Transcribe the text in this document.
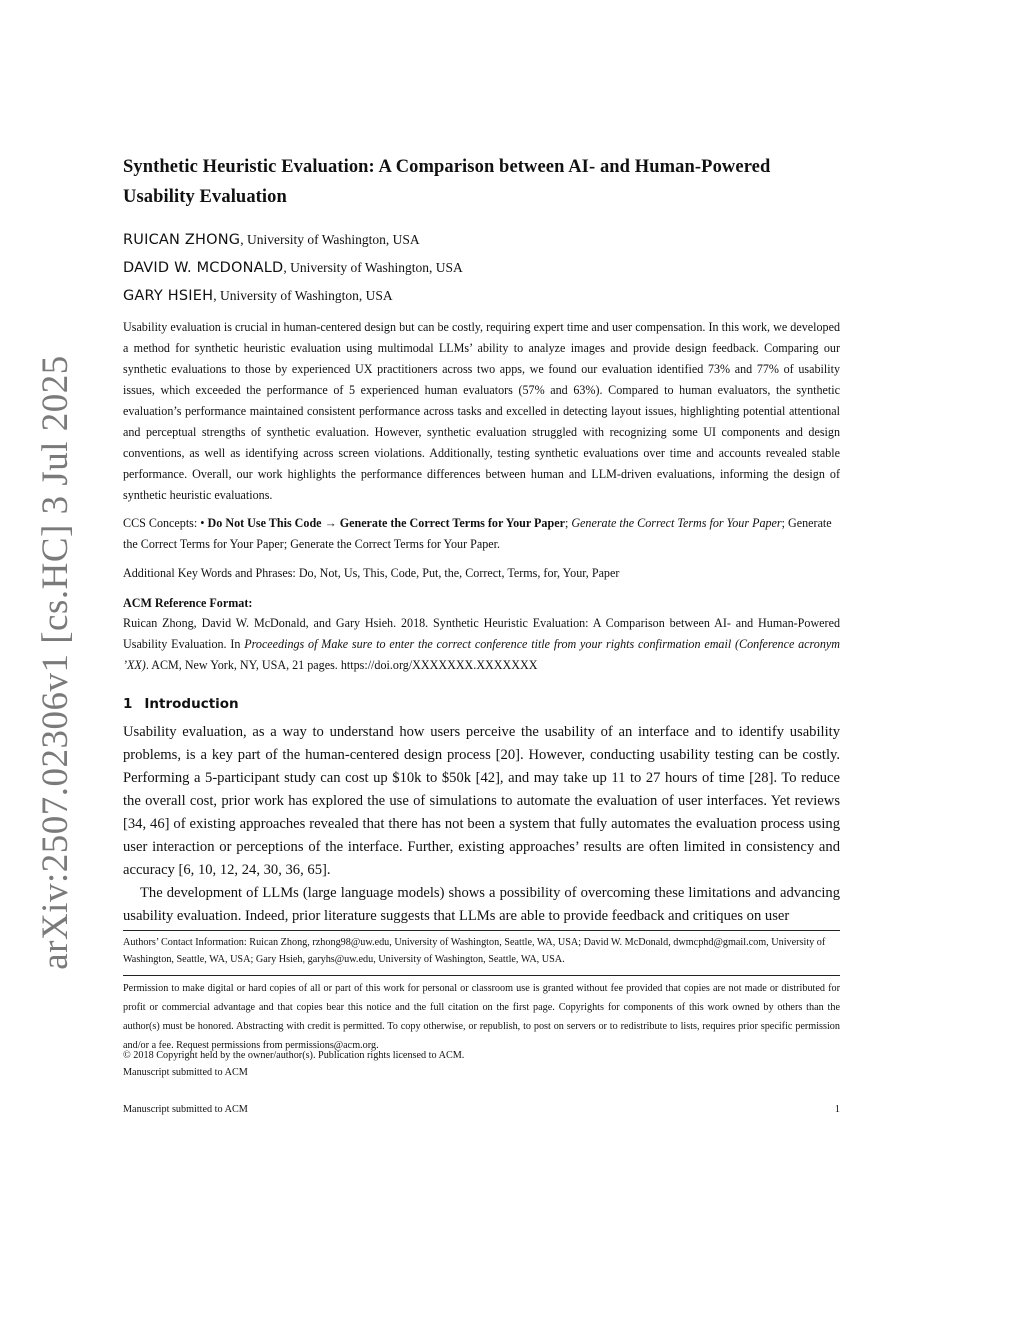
arXiv:2507.02306v1 [cs.HC] 3 Jul 2025
Synthetic Heuristic Evaluation: A Comparison between AI- and Human-Powered Usability Evaluation
RUICAN ZHONG, University of Washington, USA
DAVID W. MCDONALD, University of Washington, USA
GARY HSIEH, University of Washington, USA

Usability evaluation is crucial in human-centered design but can be costly, requiring expert time and user compensation. In this work, we developed a method for synthetic heuristic evaluation using multimodal LLMs’ ability to analyze images and provide design feedback. Comparing our synthetic evaluations to those by experienced UX practitioners across two apps, we found our evaluation identified 73% and 77% of usability issues, which exceeded the performance of 5 experienced human evaluators (57% and 63%). Compared to human evaluators, the synthetic evaluation’s performance maintained consistent performance across tasks and excelled in detecting layout issues, highlighting potential attentional and perceptual strengths of synthetic evaluation. However, synthetic evaluation struggled with recognizing some UI components and design conventions, as well as identifying across screen violations. Additionally, testing synthetic evaluations over time and accounts revealed stable performance. Overall, our work highlights the performance differences between human and LLM-driven evaluations, informing the design of synthetic heuristic evaluations.

CCS Concepts: • Do Not Use This Code → Generate the Correct Terms for Your Paper; Generate the Correct Terms for Your Paper; Generate the Correct Terms for Your Paper; Generate the Correct Terms for Your Paper.

Additional Key Words and Phrases: Do, Not, Us, This, Code, Put, the, Correct, Terms, for, Your, Paper

ACM Reference Format:

Ruican Zhong, David W. McDonald, and Gary Hsieh. 2018. Synthetic Heuristic Evaluation: A Comparison between AI- and Human-Powered Usability Evaluation. In Proceedings of Make sure to enter the correct conference title from your rights confirmation email (Conference acronym ’XX). ACM, New York, NY, USA, 21 pages. https://doi.org/XXXXXXX.XXXXXXX

1 Introduction

Usability evaluation, as a way to understand how users perceive the usability of an interface and to identify usability problems, is a key part of the human-centered design process [20]. However, conducting usability testing can be costly. Performing a 5-participant study can cost up $10k to $50k [42], and may take up 11 to 27 hours of time [28]. To reduce the overall cost, prior work has explored the use of simulations to automate the evaluation of user interfaces. Yet reviews [34, 46] of existing approaches revealed that there has not been a system that fully automates the evaluation process using user interaction or perceptions of the interface. Further, existing approaches’ results are often limited in consistency and accuracy [6, 10, 12, 24, 30, 36, 65].

The development of LLMs (large language models) shows a possibility of overcoming these limitations and advancing usability evaluation. Indeed, prior literature suggests that LLMs are able to provide feedback and critiques on user

Authors’ Contact Information: Ruican Zhong, rzhong98@uw.edu, University of Washington, Seattle, WA, USA; David W. McDonald, dwmcphd@gmail.com, University of Washington, Seattle, WA, USA; Gary Hsieh, garyhs@uw.edu, University of Washington, Seattle, WA, USA.

Permission to make digital or hard copies of all or part of this work for personal or classroom use is granted without fee provided that copies are not made or distributed for profit or commercial advantage and that copies bear this notice and the full citation on the first page. Copyrights for components of this work owned by others than the author(s) must be honored. Abstracting with credit is permitted. To copy otherwise, or republish, to post on servers or to redistribute to lists, requires prior specific permission and/or a fee. Request permissions from permissions@acm.org.

© 2018 Copyright held by the owner/author(s). Publication rights licensed to ACM.
Manuscript submitted to ACM
Manuscript submitted to ACM	1
